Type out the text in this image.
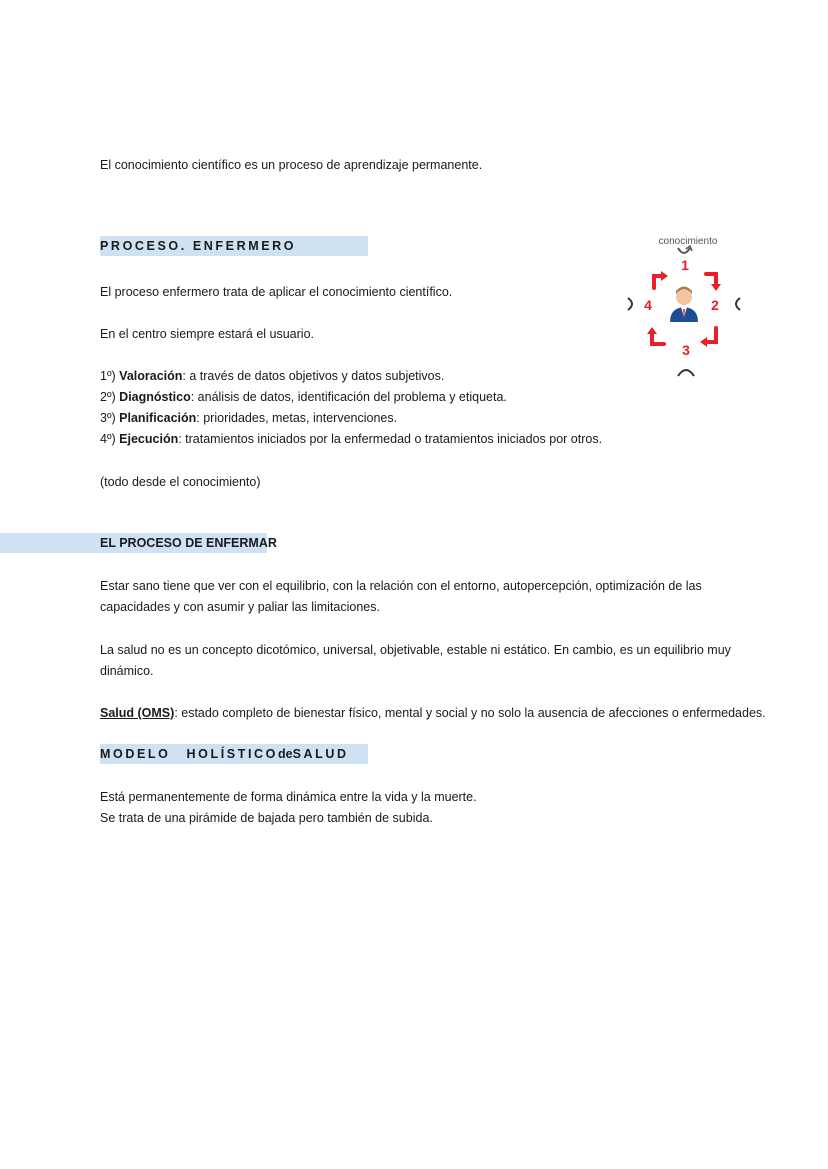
El conocimiento científico es un proceso de aprendizaje permanente.
PROCESO. ENFERMERO
El proceso enfermero trata de aplicar el conocimiento científico.
En el centro siempre estará el usuario.
1º) Valoración: a través de datos objetivos y datos subjetivos.
2º) Diagnóstico: análisis de datos, identificación del problema y etiqueta.
3º) Planificación: prioridades, metas, intervenciones.
4º) Ejecución: tratamientos iniciados por la enfermedad o tratamientos iniciados por otros.
(todo desde el conocimiento)
conocimiento
1
2
3
4
EL PROCESO DE ENFERMAR
Estar sano tiene que ver con el equilibrio, con la relación con el entorno, autopercepción, optimización de las capacidades y con asumir y paliar las limitaciones.
La salud no es un concepto dicotómico, universal, objetivable, estable ni estático. En cambio, es un equilibrio muy dinámico.
Salud (OMS): estado completo de bienestar físico, mental y social y no solo la ausencia de afecciones o enfermedades.
MODELO HOLÍSTICOdeSALUD
Está permanentemente de forma dinámica entre la vida y la muerte.
Se trata de una pirámide de bajada pero también de subida.
